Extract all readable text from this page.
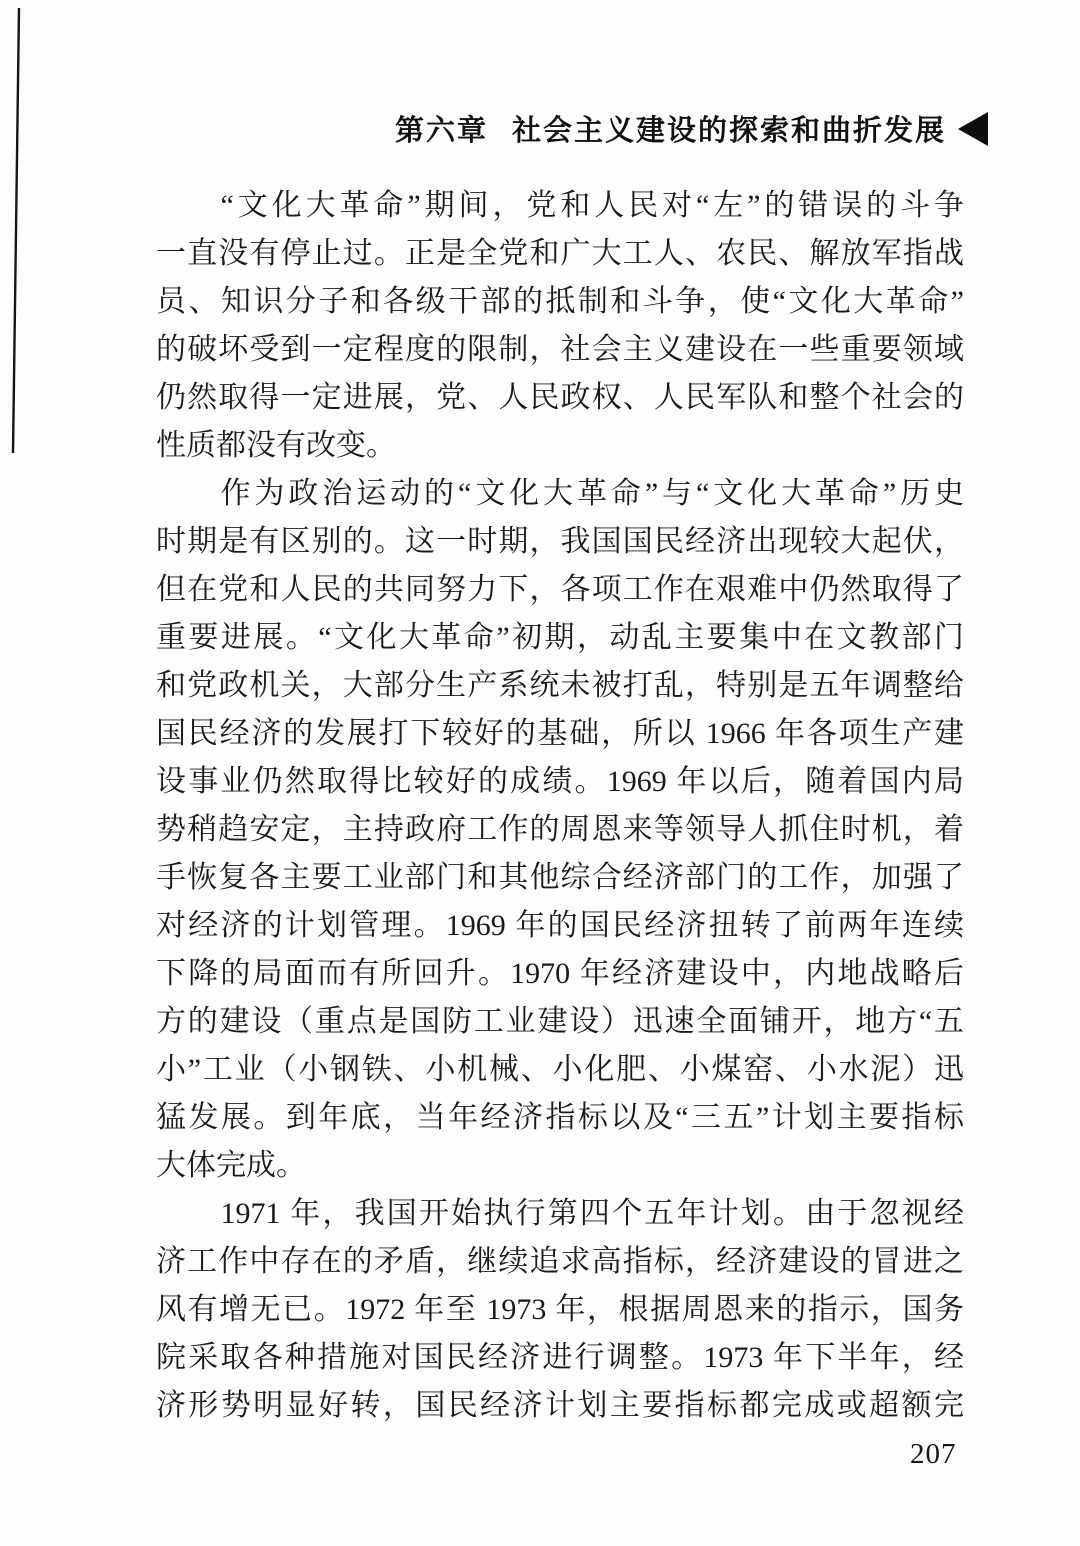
第六章 社会主义建设的探索和曲折发展
“文化大革命”期间，党和人民对“左”的错误的斗争
一直没有停止过。正是全党和广大工人、农民、解放军指战
员、知识分子和各级干部的抵制和斗争，使“文化大革命”
的破坏受到一定程度的限制，社会主义建设在一些重要领域
仍然取得一定进展，党、人民政权、人民军队和整个社会的
性质都没有改变。
作为政治运动的“文化大革命”与“文化大革命”历史
时期是有区别的。这一时期，我国国民经济出现较大起伏，
但在党和人民的共同努力下，各项工作在艰难中仍然取得了
重要进展。“文化大革命”初期，动乱主要集中在文教部门
和党政机关，大部分生产系统未被打乱，特别是五年调整给
国民经济的发展打下较好的基础，所以 1966 年各项生产建
设事业仍然取得比较好的成绩。1969 年以后，随着国内局
势稍趋安定，主持政府工作的周恩来等领导人抓住时机，着
手恢复各主要工业部门和其他综合经济部门的工作，加强了
对经济的计划管理。1969 年的国民经济扭转了前两年连续
下降的局面而有所回升。1970 年经济建设中，内地战略后
方的建设（重点是国防工业建设）迅速全面铺开，地方“五
小”工业（小钢铁、小机械、小化肥、小煤窑、小水泥）迅
猛发展。到年底，当年经济指标以及“三五”计划主要指标
大体完成。
1971 年，我国开始执行第四个五年计划。由于忽视经
济工作中存在的矛盾，继续追求高指标，经济建设的冒进之
风有增无已。1972 年至 1973 年，根据周恩来的指示，国务
院采取各种措施对国民经济进行调整。1973 年下半年，经
济形势明显好转，国民经济计划主要指标都完成或超额完
207
